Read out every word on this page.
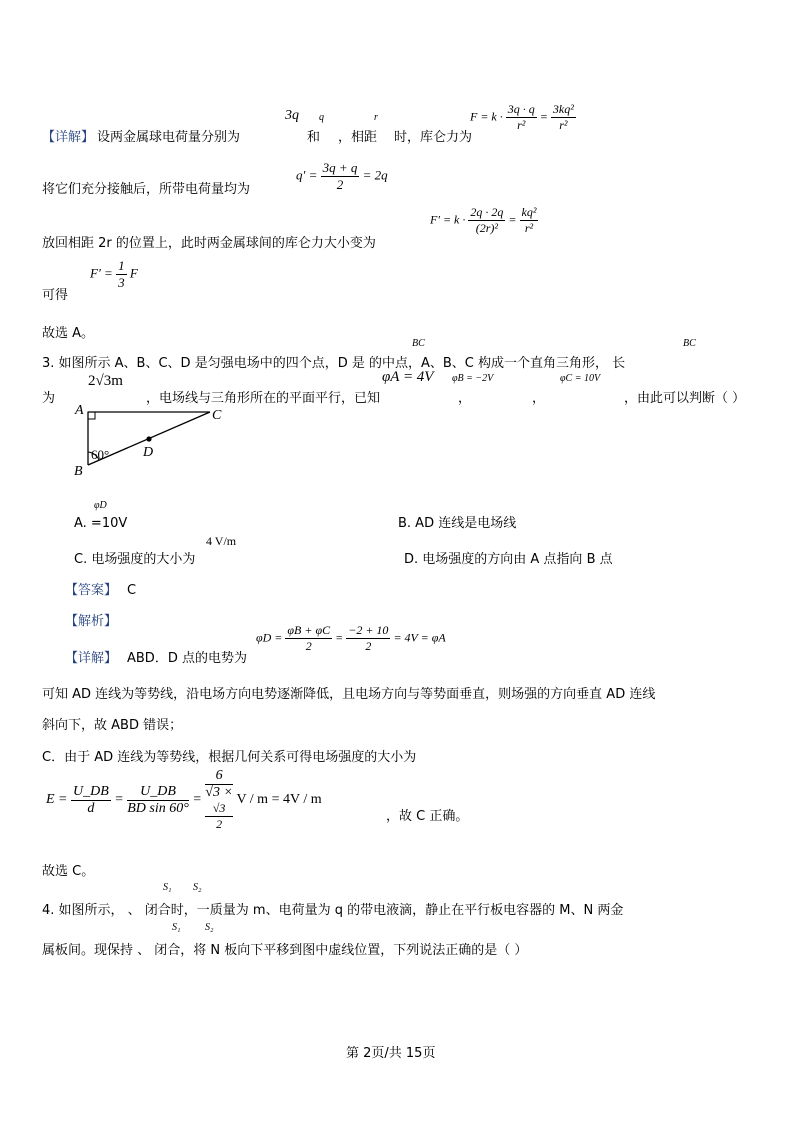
【详解】 设两金属球电荷量分别为
3q q
和 ，相距
r
时，库仑力为
$F = k \cdot \frac{3q \cdot q}{\text{r²}} = \frac{\text{3kq²}}{\text{r²}}$
将它们充分接触后，所带电荷量均为
$q' = \frac{3q + q}{2} = 2q$
放回相距 2r 的位置上，此时两金属球间的库仑力大小变为
$F' = k \cdot \frac{2q \cdot 2q}{\text{(2r)²}} = \frac{\text{kq²}}{\text{r²}}$
$F' = \frac{1}{3}$ F
可得
故选 A。
BC	BC
3. 如图所示 A、B、C、D 是匀强电场中的四个点，D 是 的中点，A、B、C 构成一个直角三角形， 长
为
2√3m
，电场线与三角形所在的平面平行，已知
φA = 4V φB = −2V	φC = 10V
，	，	，由此可以判断（ ）
A
B
C
D
60°
φD
A. =10V	B. AD 连线是电场线
4 V/m
C. 电场强度的大小为	D. 电场强度的方向由 A 点指向 B 点
【答案】 C
【解析】
【详解】 ABD．D 点的电势为
$\varphi D = \frac{\varphi B + \varphi C}{2} = \frac{-2 + 10}{2} = 4V = \varphi A$
可知 AD 连线为等势线，沿电场方向电势逐渐降低，且电场方向与等势面垂直，则场强的方向垂直 AD 连线
斜向下，故 ABD 错误；
C．由于 AD 连线为等势线，根据几何关系可得电场强度的大小为
$E = \frac{U\_DB}{d} = \frac{U\_DB}{\text{BD sin 60°}} = 6$
√3 ×
√3
2 V / m = 4V / m
，故 C 正确。
故选 C。
S₁ S₂
4. 如图所示， 、 闭合时，一质量为 m、电荷量为 q 的带电液滴，静止在平行板电容器的 M、N 两金
S₁ S₂
属板间。现保持 、 闭合，将 N 板向下平移到图中虚线位置，下列说法正确的是（ ）
第 2页/共 15页
